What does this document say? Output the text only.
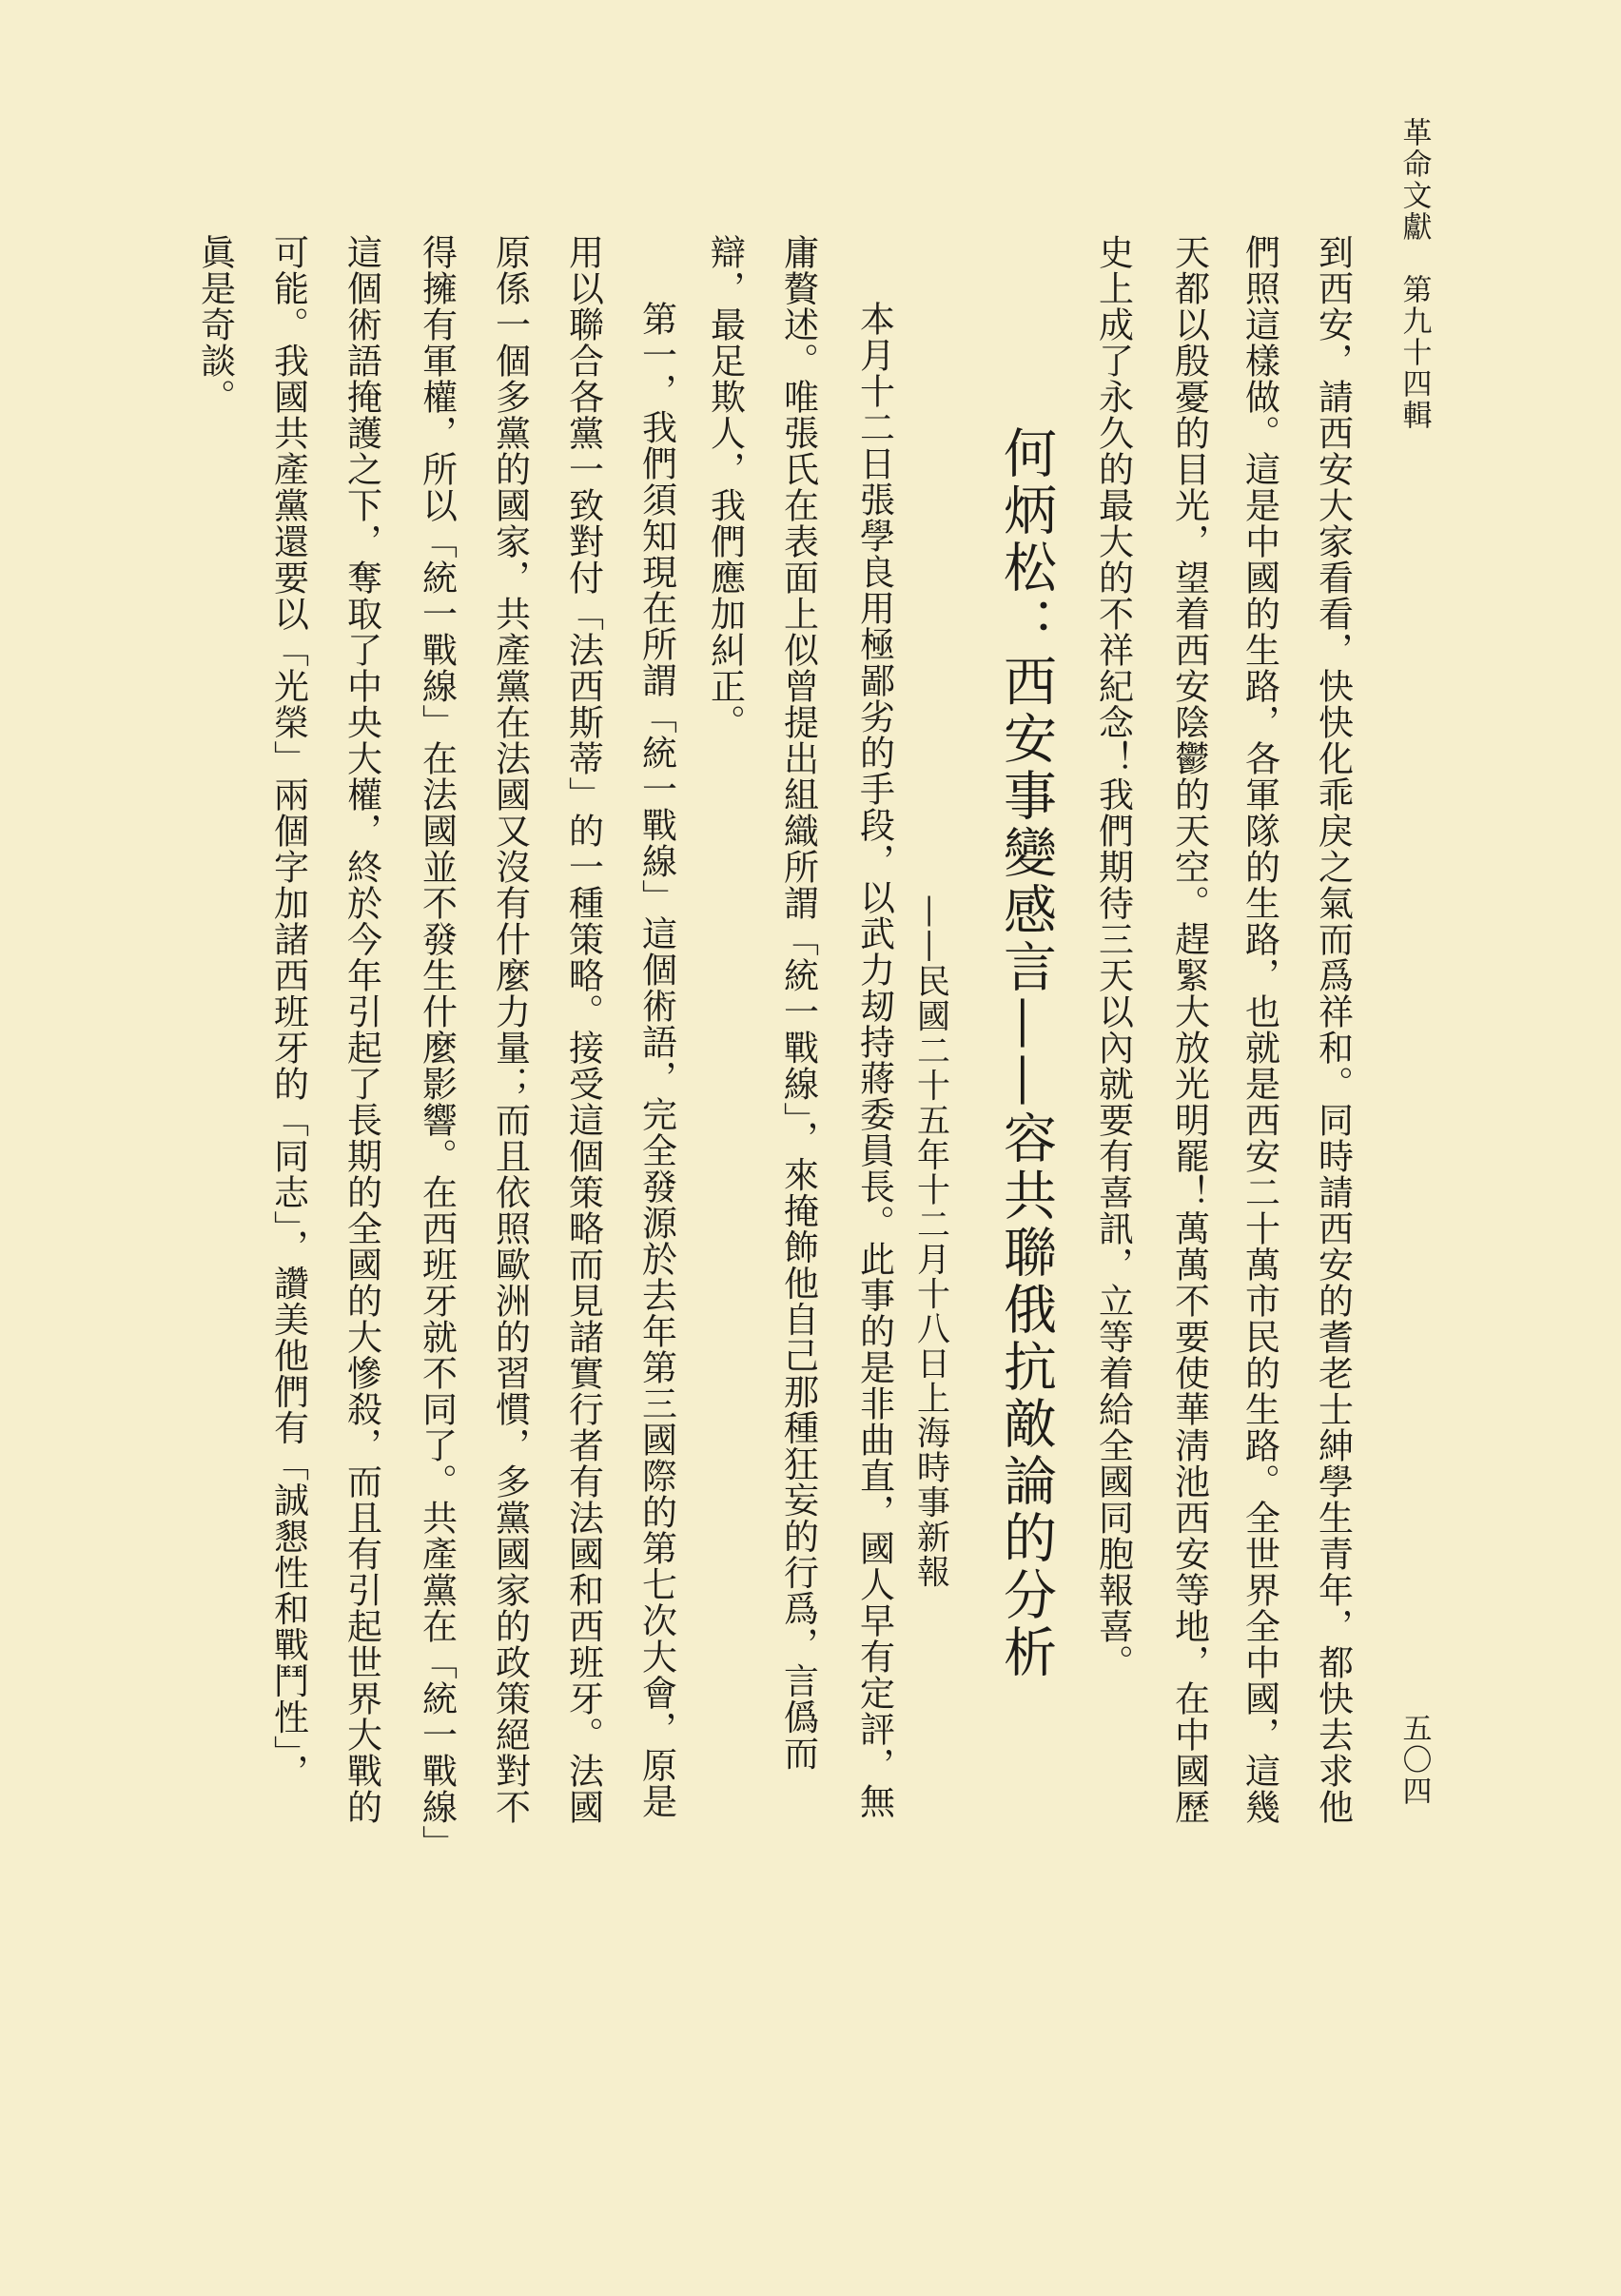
革命文獻　第九十四輯
五〇四
到西安，請西安大家看看，快快化乖戾之氣而爲祥和。同時請西安的耆老士紳學生青年，都快去求他
們照這樣做。這是中國的生路，各軍隊的生路，也就是西安二十萬市民的生路。全世界全中國，這幾
天都以殷憂的目光，望着西安陰鬱的天空。趕緊大放光明罷！萬萬不要使華淸池西安等地，在中國歷
史上成了永久的最大的不祥紀念！我們期待三天以內就要有喜訊，立等着給全國同胞報喜。
何炳松：西安事變感言——容共聯俄抗敵論的分析
——民國二十五年十二月十八日上海時事新報
本月十二日張學良用極鄙劣的手段，以武力刼持蔣委員長。此事的是非曲直，國人早有定評，無
庸贅述。唯張氏在表面上似曾提出組織所謂「統一戰線」，來掩飾他自己那種狂妄的行爲，言僞而
辯，最足欺人，我們應加糾正。
第一，我們須知現在所謂「統一戰線」這個術語，完全發源於去年第三國際的第七次大會，原是
用以聯合各黨一致對付「法西斯蒂」的一種策略。接受這個策略而見諸實行者有法國和西班牙。法國
原係一個多黨的國家，共產黨在法國又沒有什麼力量；而且依照歐洲的習慣，多黨國家的政策絕對不
得擁有軍權，所以「統一戰線」在法國並不發生什麼影響。在西班牙就不同了。共產黨在「統一戰線」
這個術語掩護之下，奪取了中央大權，終於今年引起了長期的全國的大慘殺，而且有引起世界大戰的
可能。我國共產黨還要以「光榮」兩個字加諸西班牙的「同志」，讚美他們有「誠懇性和戰鬥性」，
眞是奇談。
